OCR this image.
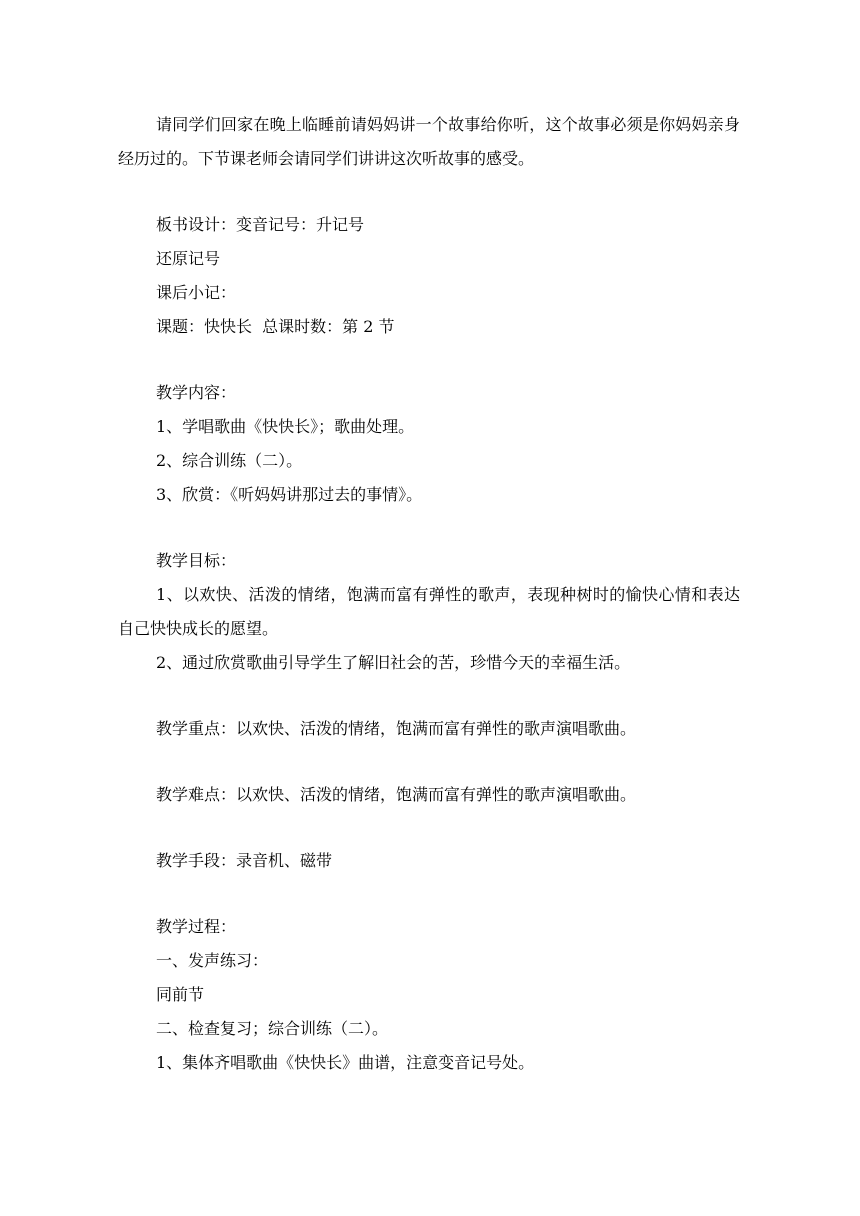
请同学们回家在晚上临睡前请妈妈讲一个故事给你听，这个故事必须是你妈妈亲身经历过的。下节课老师会请同学们讲讲这次听故事的感受。
板书设计：变音记号：升记号
还原记号
课后小记：
课题：快快长  总课时数：第 2 节
教学内容：
1、学唱歌曲《快快长》；歌曲处理。
2、综合训练（二）。
3、欣赏：《听妈妈讲那过去的事情》。
教学目标：
1、以欢快、活泼的情绪，饱满而富有弹性的歌声，表现种树时的愉快心情和表达自己快快成长的愿望。
2、通过欣赏歌曲引导学生了解旧社会的苦，珍惜今天的幸福生活。
教学重点：以欢快、活泼的情绪，饱满而富有弹性的歌声演唱歌曲。
教学难点：以欢快、活泼的情绪，饱满而富有弹性的歌声演唱歌曲。
教学手段：录音机、磁带
教学过程：
一、发声练习：
同前节
二、检查复习；综合训练（二）。
1、集体齐唱歌曲《快快长》曲谱，注意变音记号处。
